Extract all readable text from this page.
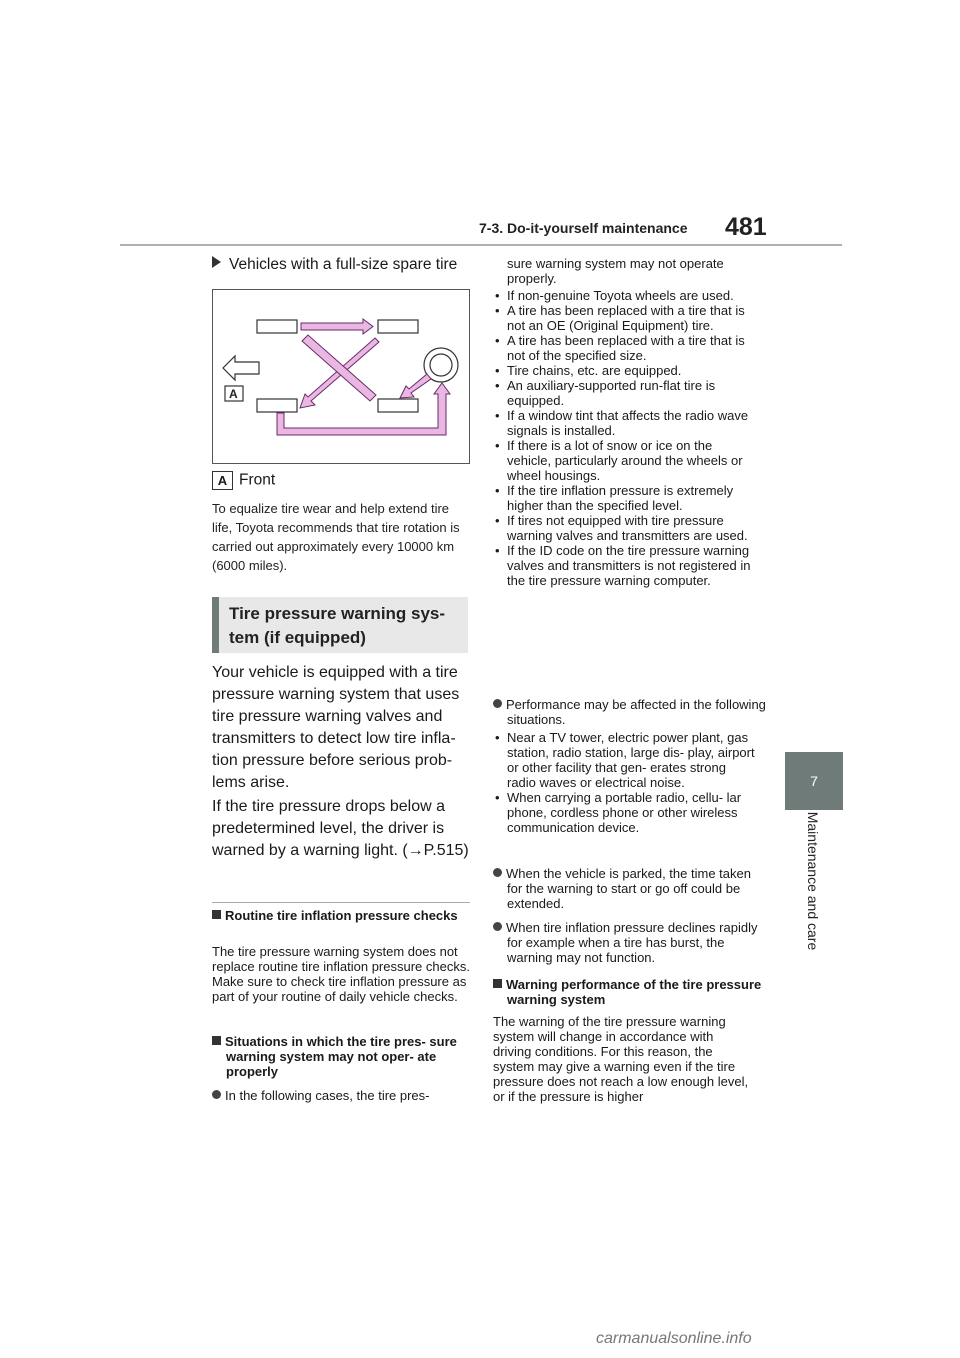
7-3. Do-it-yourself maintenance 481
7
Maintenance and care
Vehicles with a full-size spare tire
A
A Front
To equalize tire wear and help extend tire life, Toyota recommends that tire rotation is carried out approximately every 10000 km (6000 miles).
Tire pressure warning sys-
tem (if equipped)
Your vehicle is equipped with a tire pressure warning system that uses tire pressure warning valves and transmitters to detect low tire infla- tion pressure before serious prob- lems arise.
If the tire pressure drops below a predetermined level, the driver is warned by a warning light. (→P.515)
Routine tire inflation pressure checks
The tire pressure warning system does not replace routine tire inflation pressure checks. Make sure to check tire inflation pressure as part of your routine of daily vehicle checks.
Situations in which the tire pres- sure warning system may not oper- ate properly
In the following cases, the tire pres-
sure warning system may not operate properly.
• If non-genuine Toyota wheels are used.
• A tire has been replaced with a tire that is not an OE (Original Equipment) tire.
• A tire has been replaced with a tire that is not of the specified size.
• Tire chains, etc. are equipped.
• An auxiliary-supported run-flat tire is equipped.
• If a window tint that affects the radio wave signals is installed.
• If there is a lot of snow or ice on the vehicle, particularly around the wheels or wheel housings.
• If the tire inflation pressure is extremely higher than the specified level.
• If tires not equipped with tire pressure warning valves and transmitters are used.
• If the ID code on the tire pressure warning valves and transmitters is not registered in the tire pressure warning computer.
Performance may be affected in the following situations.
• Near a TV tower, electric power plant, gas station, radio station, large dis- play, airport or other facility that gen- erates strong radio waves or electrical noise.
• When carrying a portable radio, cellu- lar phone, cordless phone or other wireless communication device.
When the vehicle is parked, the time taken for the warning to start or go off could be extended.
When tire inflation pressure declines rapidly for example when a tire has burst, the warning may not function.
Warning performance of the tire pressure warning system
The warning of the tire pressure warning system will change in accordance with driving conditions. For this reason, the system may give a warning even if the tire pressure does not reach a low enough level, or if the pressure is higher
carmanualsonline.info
